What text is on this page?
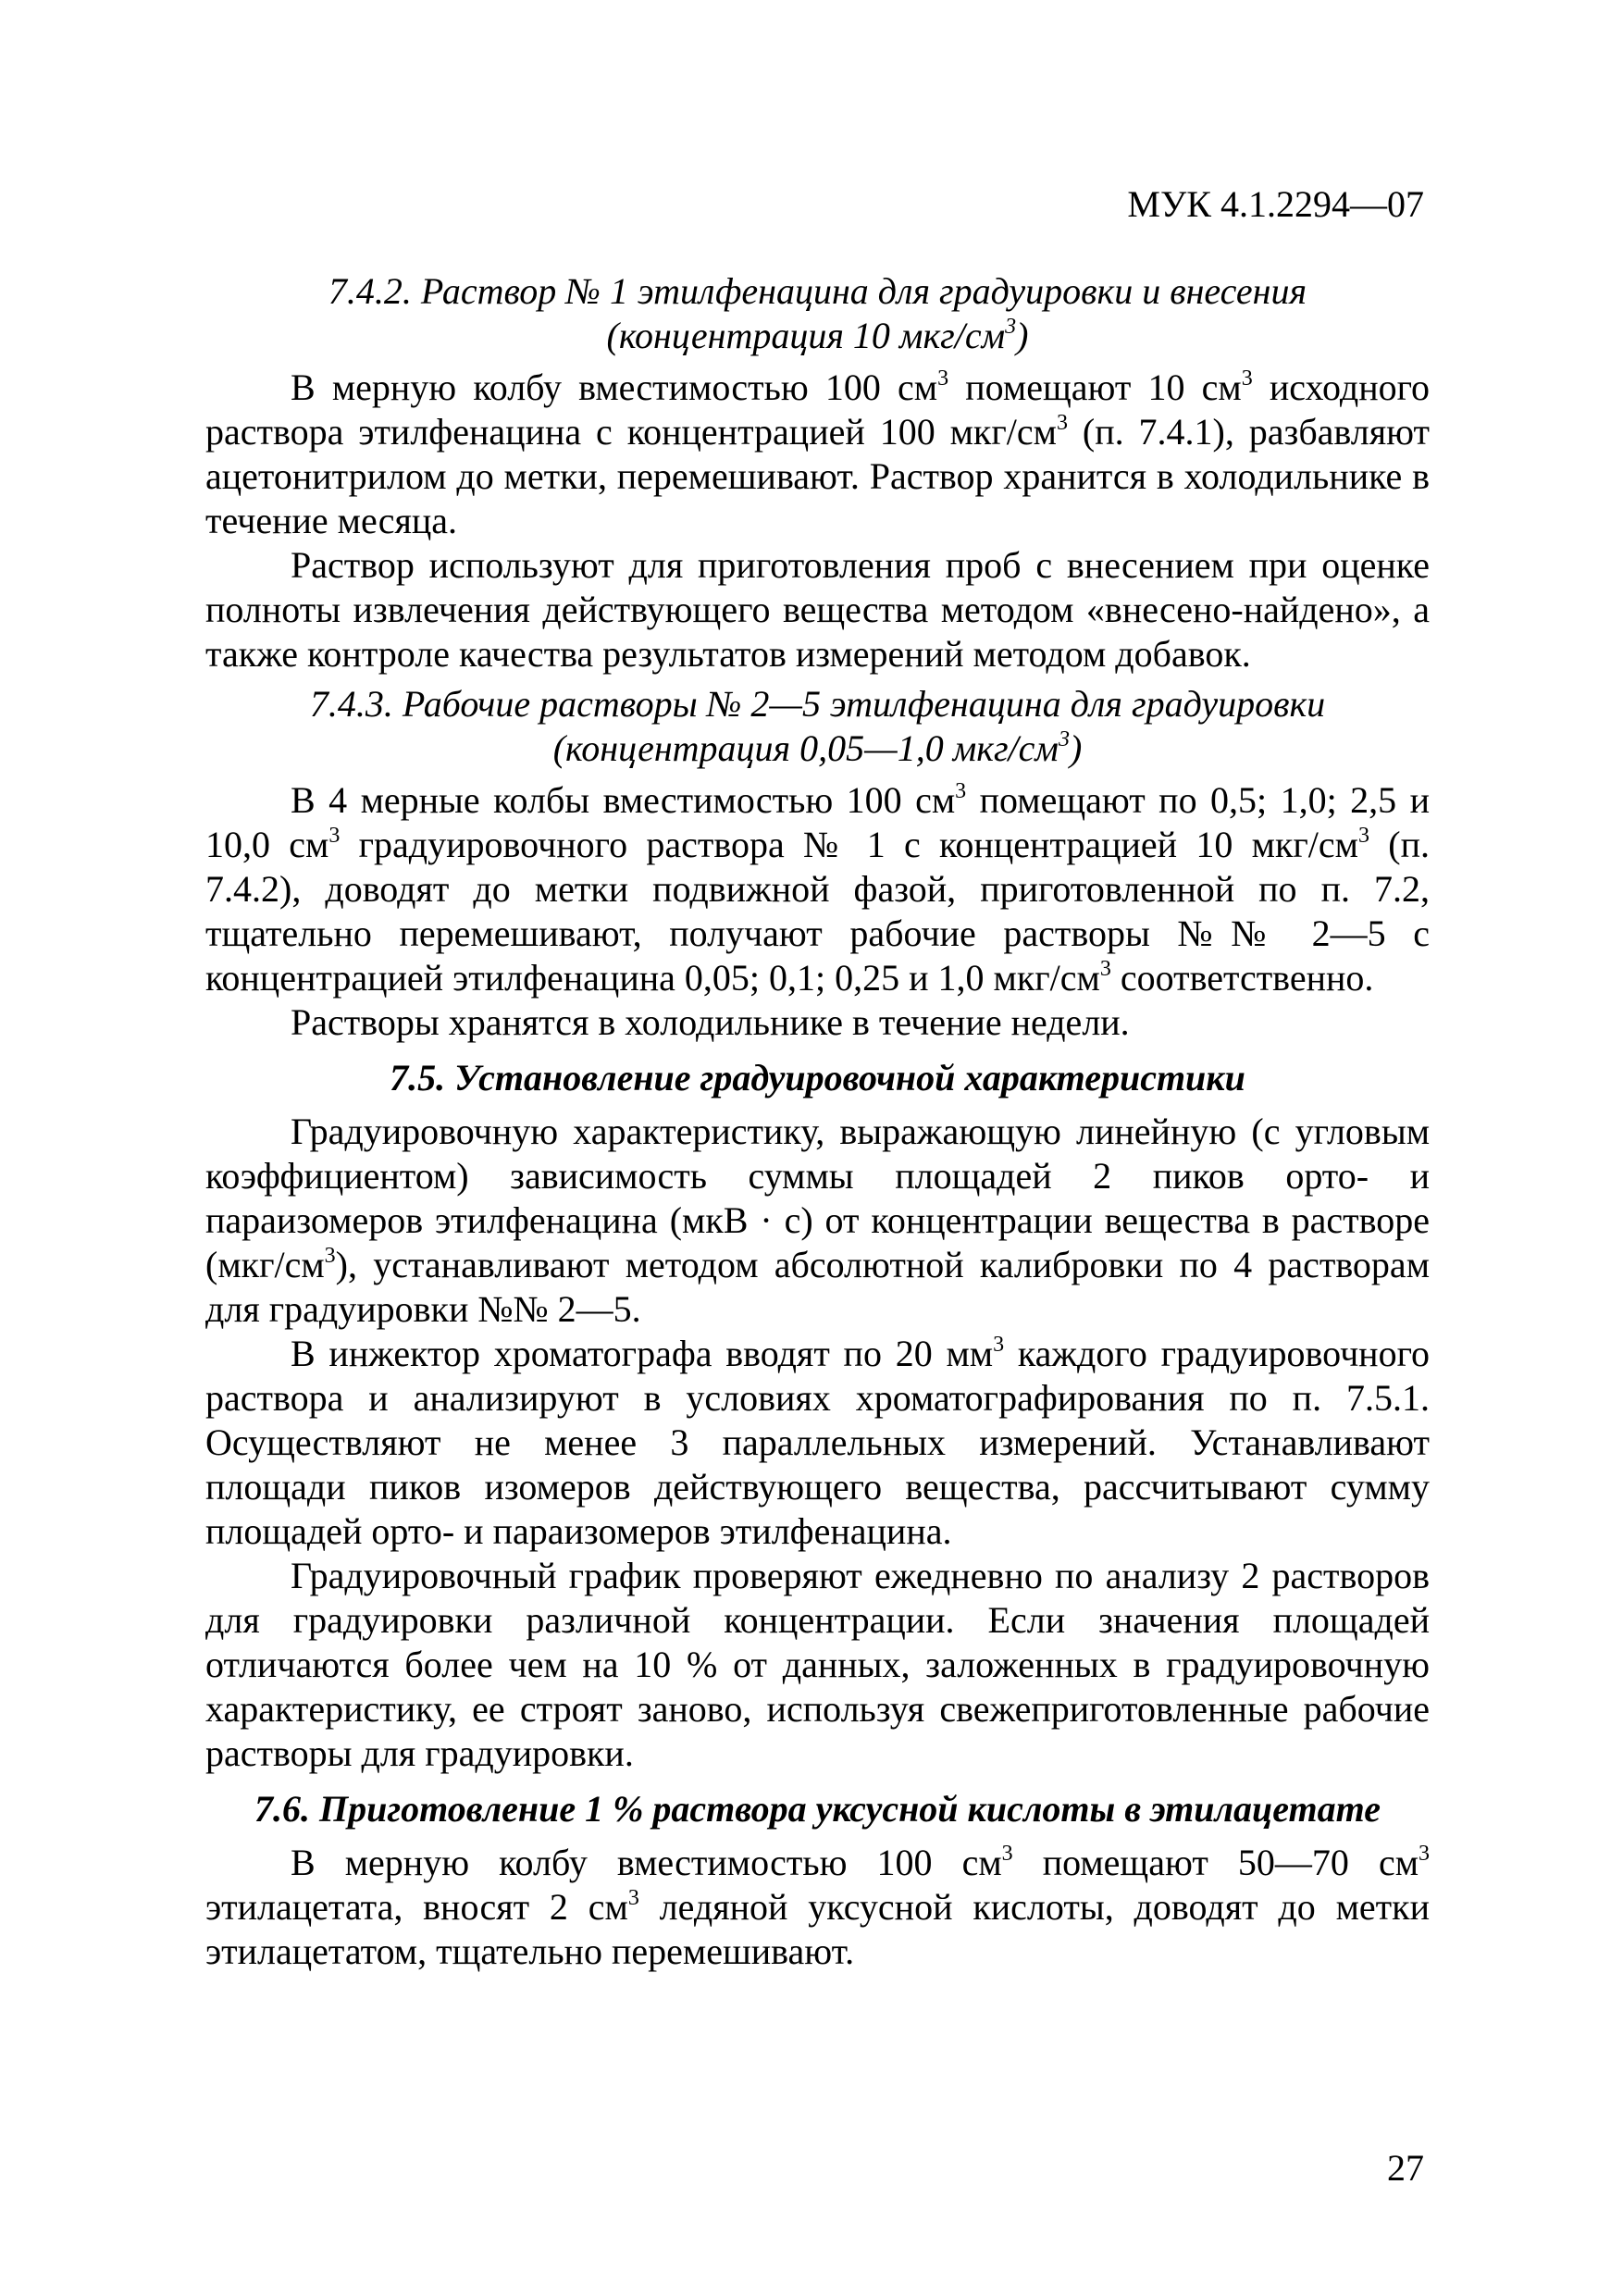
МУК 4.1.2294—07
7.4.2. Раствор № 1 этилфенацина для градуировки и внесения
(концентрация 10 мкг/$см^3$)

В мерную колбу вместимостью 100 $см^3$ помещают 10 $см^3$ исходного раствора этилфенацина с концентрацией 100 мкг/$см^3$ (п. 7.4.1), разбавляют ацетонитрилом до метки, перемешивают. Раствор хранится в холодильнике в течение месяца.

Раствор используют для приготовления проб с внесением при оценке полноты извлечения действующего вещества методом «внесено-найдено», а также контроле качества результатов измерений методом добавок.

7.4.3. Рабочие растворы № 2—5 этилфенацина для градуировки
(концентрация 0,05—1,0 мкг/$см^3$)

В 4 мерные колбы вместимостью 100 $см^3$ помещают по 0,5; 1,0; 2,5 и 10,0 $см^3$ градуировочного раствора № 1 с концентрацией 10 мкг/$см^3$ (п. 7.4.2), доводят до метки подвижной фазой, приготовленной по п. 7.2, тщательно перемешивают, получают рабочие растворы №№ 2—5 с концентрацией этилфенацина 0,05; 0,1; 0,25 и 1,0 мкг/$см^3$ соответственно.

Растворы хранятся в холодильнике в течение недели.

7.5. Установление градуировочной характеристики

Градуировочную характеристику, выражающую линейную (с угловым коэффициентом) зависимость суммы площадей 2 пиков орто- и параизомеров этилфенацина (мкВ · с) от концентрации вещества в растворе $(мкг/см^3)$, устанавливают методом абсолютной калибровки по 4 растворам для градуировки №№ 2—5.

В инжектор хроматографа вводят по 20 $мм^3$ каждого градуировочного раствора и анализируют в условиях хроматографирования по п. 7.5.1. Осуществляют не менее 3 параллельных измерений. Устанавливают площади пиков изомеров действующего вещества, рассчитывают сумму площадей орто- и параизомеров этилфенацина.

Градуировочный график проверяют ежедневно по анализу 2 растворов для градуировки различной концентрации. Если значения площадей отличаются более чем на 10 % от данных, заложенных в градуировочную характеристику, ее строят заново, используя свежеприготовленные рабочие растворы для градуировки.

7.6. Приготовление 1 % раствора уксусной кислоты в этилацетате

В мерную колбу вместимостью 100 $см^3$ помещают 50—70 $см^3$ этилацетата, вносят 2 $см^3$ ледяной уксусной кислоты, доводят до метки этилацетатом, тщательно перемешивают.

27
